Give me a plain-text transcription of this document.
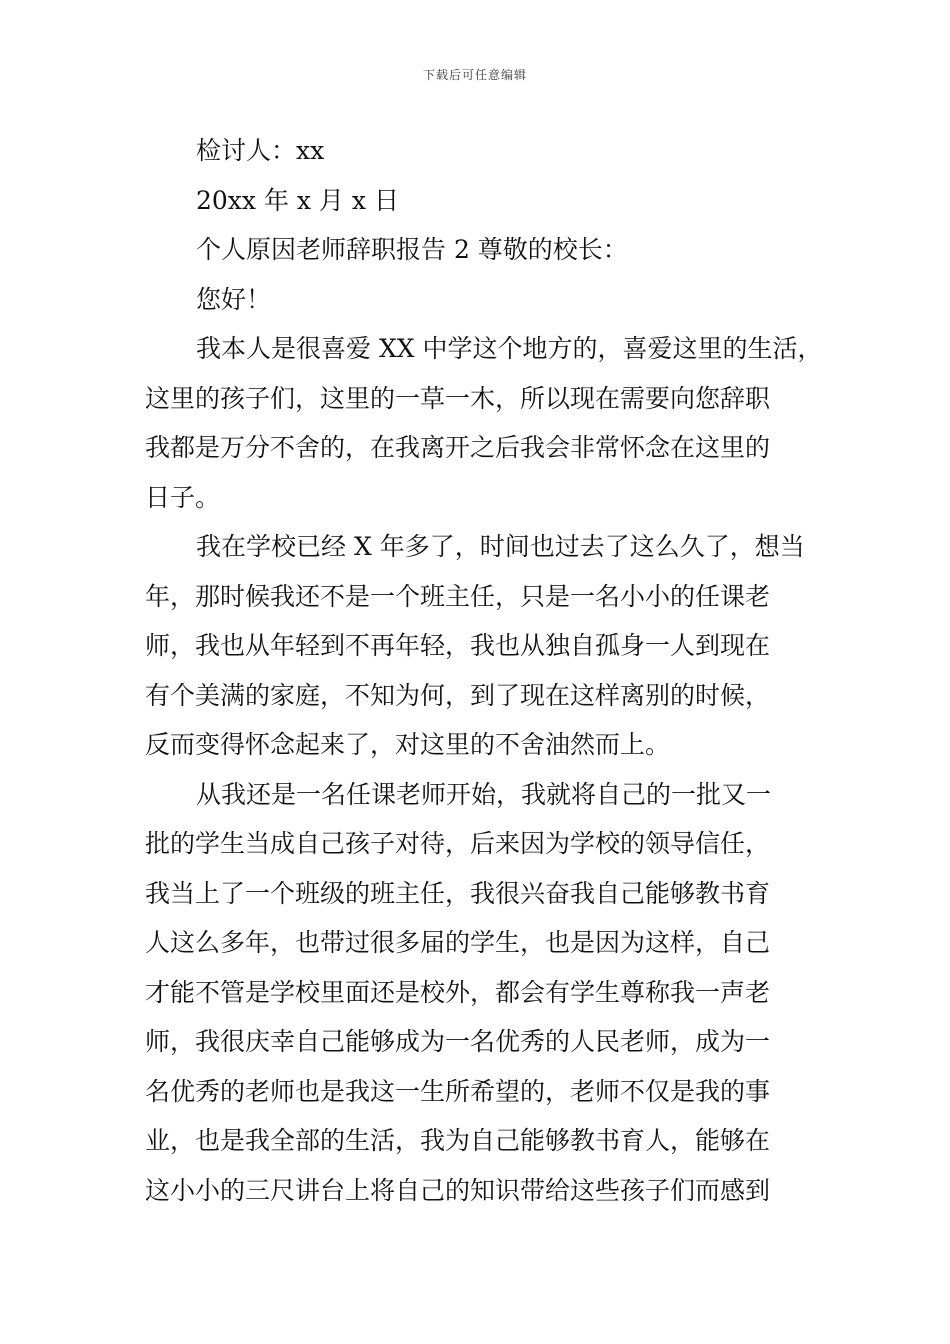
下载后可任意编辑
检讨人：xx
20xx 年 x 月 x 日
个人原因老师辞职报告 2 尊敬的校长：
您好！
我本人是很喜爱 XX 中学这个地方的，喜爱这里的生活，
这里的孩子们，这里的一草一木，所以现在需要向您辞职
我都是万分不舍的，在我离开之后我会非常怀念在这里的
日子。
我在学校已经 X 年多了，时间也过去了这么久了，想当
年，那时候我还不是一个班主任，只是一名小小的任课老
师，我也从年轻到不再年轻，我也从独自孤身一人到现在
有个美满的家庭，不知为何，到了现在这样离别的时候，
反而变得怀念起来了，对这里的不舍油然而上。
从我还是一名任课老师开始，我就将自己的一批又一
批的学生当成自己孩子对待，后来因为学校的领导信任，
我当上了一个班级的班主任，我很兴奋我自己能够教书育
人这么多年，也带过很多届的学生，也是因为这样，自己
才能不管是学校里面还是校外，都会有学生尊称我一声老
师，我很庆幸自己能够成为一名优秀的人民老师，成为一
名优秀的老师也是我这一生所希望的，老师不仅是我的事
业，也是我全部的生活，我为自己能够教书育人，能够在
这小小的三尺讲台上将自己的知识带给这些孩子们而感到
